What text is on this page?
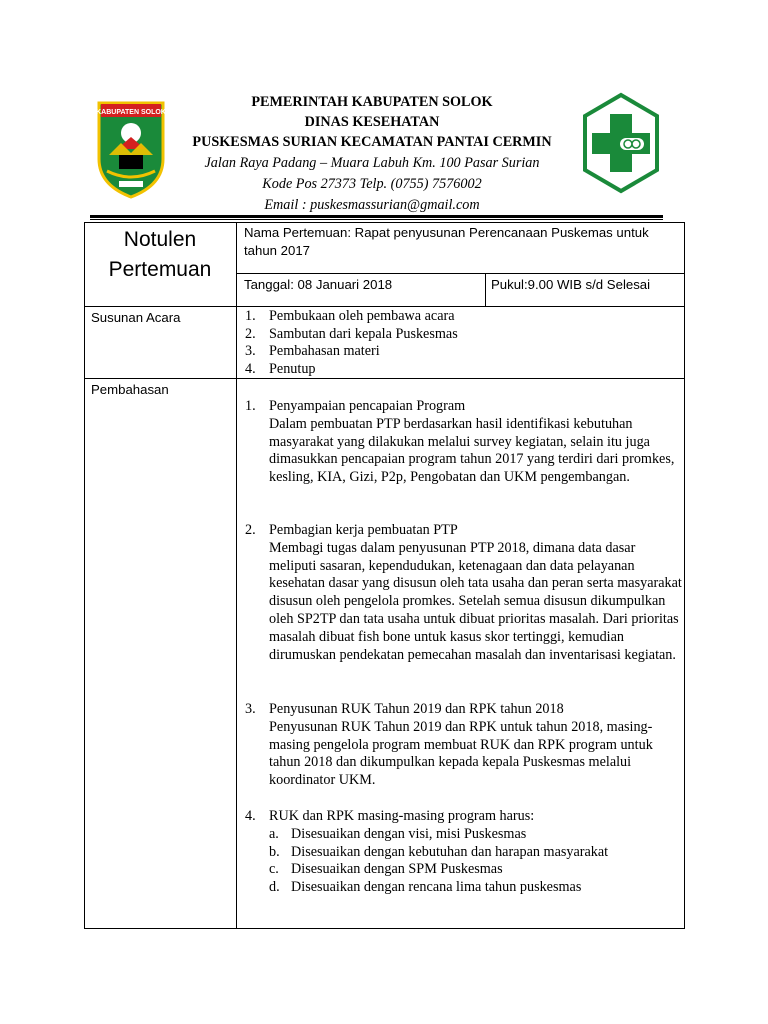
KABUPATEN SOLOK
PEMERINTAH KABUPATEN SOLOK
DINAS KESEHATAN
PUSKESMAS SURIAN KECAMATAN PANTAI CERMIN
Jalan Raya Padang – Muara Labuh Km. 100 Pasar Surian
Kode Pos 27373 Telp. (0755) 7576002
Email : puskesmassurian@gmail.com
Notulen Pertemuan
Nama Pertemuan: Rapat penyusunan Perencanaan Puskemas untuk tahun 2017
Tanggal: 08 Januari 2018	Pukul:9.00 WIB s/d Selesai
Susunan Acara	1. Pembukaan oleh pembawa acara
2. Sambutan dari kepala Puskesmas
3. Pembahasan materi
4. Penutup
Pembahasan
1. Penyampaian pencapaian Program
Dalam pembuatan PTP berdasarkan hasil identifikasi kebutuhan masyarakat yang dilakukan melalui survey kegiatan, selain itu juga dimasukkan pencapaian program tahun 2017 yang terdiri dari promkes, kesling, KIA, Gizi, P2p, Pengobatan dan UKM pengembangan.
2. Pembagian kerja pembuatan PTP
Membagi tugas dalam penyusunan PTP 2018, dimana data dasar meliputi sasaran, kependudukan, ketenagaan dan data pelayanan kesehatan dasar yang disusun oleh tata usaha dan peran serta masyarakat disusun oleh pengelola promkes. Setelah semua disusun dikumpulkan oleh SP2TP dan tata usaha untuk dibuat prioritas masalah. Dari prioritas masalah dibuat fish bone untuk kasus skor tertinggi, kemudian dirumuskan pendekatan pemecahan masalah dan inventarisasi kegiatan.
3. Penyusunan RUK Tahun 2019 dan RPK tahun 2018
Penyusunan RUK Tahun 2019 dan RPK untuk tahun 2018, masing-masing pengelola program membuat RUK dan RPK program untuk tahun 2018 dan dikumpulkan kepada kepala Puskesmas melalui koordinator UKM.
4. RUK dan RPK masing-masing program harus:
a. Disesuaikan dengan visi, misi Puskesmas
b. Disesuaikan dengan kebutuhan dan harapan masyarakat
c. Disesuaikan dengan SPM Puskesmas
d. Disesuaikan dengan rencana lima tahun puskesmas
